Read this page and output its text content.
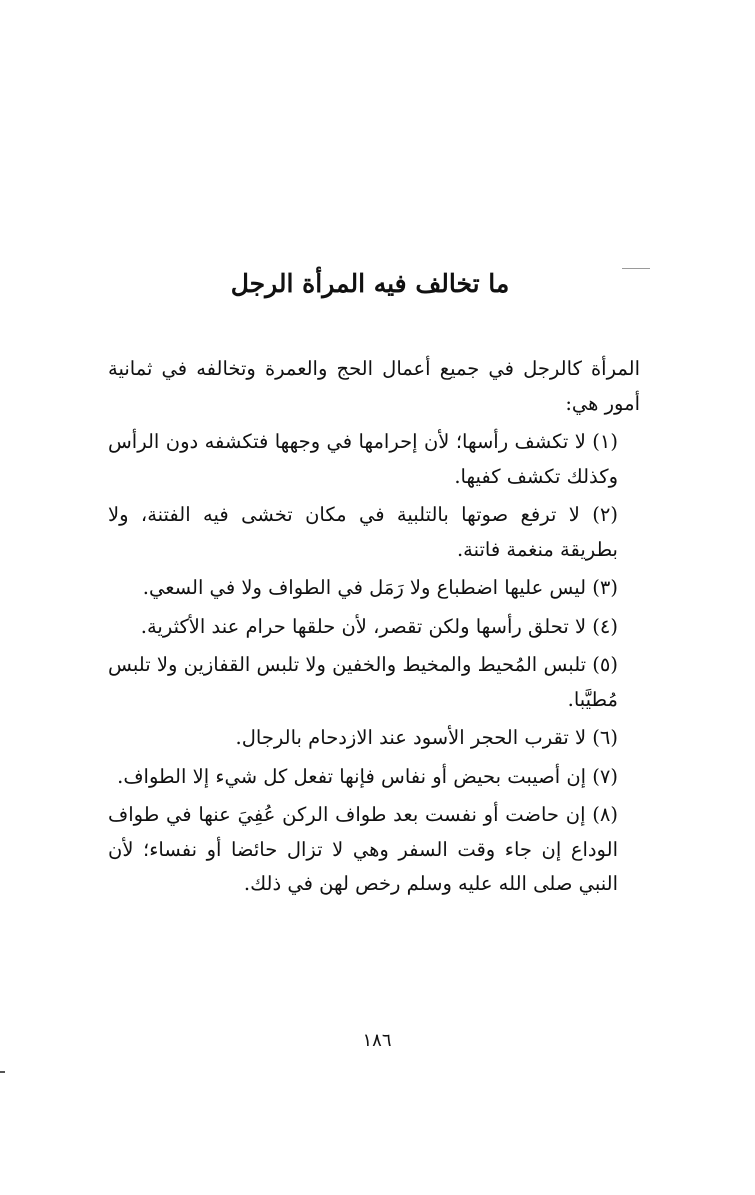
ما تخالف فيه المرأة الرجل

المرأة كالرجل في جميع أعمال الحج والعمرة وتخالفه في ثمانية أمور هي:

(١) لا تكشف رأسها؛ لأن إحرامها في وجهها فتكشفه دون الرأس وكذلك تكشف كفيها.

(٢) لا ترفع صوتها بالتلبية في مكان تخشى فيه الفتنة، ولا بطريقة منغمة فاتنة.

(٣) ليس عليها اضطباع ولا رَمَل في الطواف ولا في السعي.

(٤) لا تحلق رأسها ولكن تقصر، لأن حلقها حرام عند الأكثرية.

(٥) تلبس المُحيط والمخيط والخفين ولا تلبس القفازين ولا تلبس مُطيَّبا.

(٦) لا تقرب الحجر الأسود عند الازدحام بالرجال.

(٧) إن أصيبت بحيض أو نفاس فإنها تفعل كل شيء إلا الطواف.

(٨) إن حاضت أو نفست بعد طواف الركن عُفِيَ عنها في طواف الوداع إن جاء وقت السفر وهي لا تزال حائضا أو نفساء؛ لأن النبي صلى الله عليه وسلم رخص لهن في ذلك.

١٨٦
